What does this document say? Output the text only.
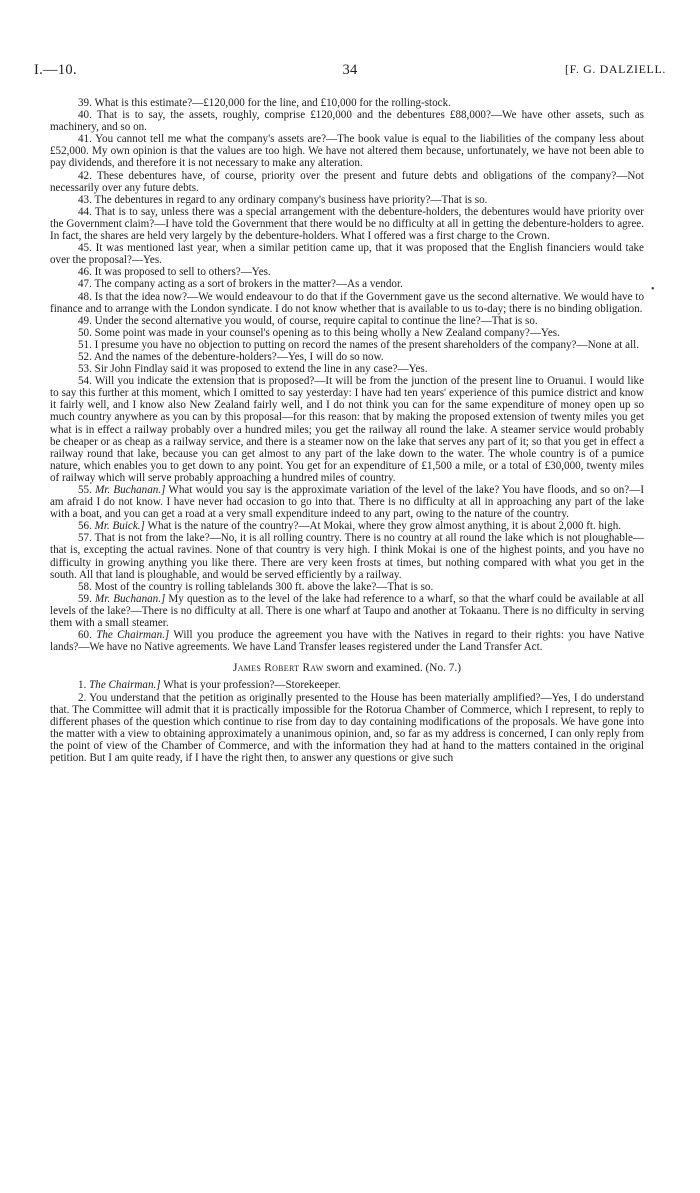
I.—10.	34	[F. G. DALZIELL.

39. What is this estimate?—£120,000 for the line, and £10,000 for the rolling-stock.

40. That is to say, the assets, roughly, comprise £120,000 and the debentures £88,000?—We have other assets, such as machinery, and so on.

41. You cannot tell me what the company's assets are?—The book value is equal to the liabilities of the company less about £52,000. My own opinion is that the values are too high. We have not altered them because, unfortunately, we have not been able to pay dividends, and therefore it is not necessary to make any alteration.

42. These debentures have, of course, priority over the present and future debts and obligations of the company?—Not necessarily over any future debts.

43. The debentures in regard to any ordinary company's business have priority?—That is so.

44. That is to say, unless there was a special arrangement with the debenture-holders, the debentures would have priority over the Government claim?—I have told the Government that there would be no difficulty at all in getting the debenture-holders to agree. In fact, the shares are held very largely by the debenture-holders. What I offered was a first charge to the Crown.

45. It was mentioned last year, when a similar petition came up, that it was proposed that the English financiers would take over the proposal?—Yes.

46. It was proposed to sell to others?—Yes.

47. The company acting as a sort of brokers in the matter?—As a vendor.

48. Is that the idea now?—We would endeavour to do that if the Government gave us the second alternative. We would have to finance and to arrange with the London syndicate. I do not know whether that is available to us to-day; there is no binding obligation.

49. Under the second alternative you would, of course, require capital to continue the line?—That is so.

50. Some point was made in your counsel's opening as to this being wholly a New Zealand company?—Yes.

51. I presume you have no objection to putting on record the names of the present shareholders of the company?—None at all.

52. And the names of the debenture-holders?—Yes, I will do so now.

53. Sir John Findlay said it was proposed to extend the line in any case?—Yes.

54. Will you indicate the extension that is proposed?—It will be from the junction of the present line to Oruanui. I would like to say this further at this moment, which I omitted to say yesterday: I have had ten years' experience of this pumice district and know it fairly well, and I know also New Zealand fairly well, and I do not think you can for the same expenditure of money open up so much country anywhere as you can by this proposal—for this reason: that by making the proposed extension of twenty miles you get what is in effect a railway probably over a hundred miles; you get the railway all round the lake. A steamer service would probably be cheaper or as cheap as a railway service, and there is a steamer now on the lake that serves any part of it; so that you get in effect a railway round that lake, because you can get almost to any part of the lake down to the water. The whole country is of a pumice nature, which enables you to get down to any point. You get for an expenditure of £1,500 a mile, or a total of £30,000, twenty miles of railway which will serve probably approaching a hundred miles of country.

55. Mr. Buchanan.] What would you say is the approximate variation of the level of the lake? You have floods, and so on?—I am afraid I do not know. I have never had occasion to go into that. There is no difficulty at all in approaching any part of the lake with a boat, and you can get a road at a very small expenditure indeed to any part, owing to the nature of the country.

56. Mr. Buick.] What is the nature of the country?—At Mokai, where they grow almost anything, it is about 2,000 ft. high.

57. That is not from the lake?—No, it is all rolling country. There is no country at all round the lake which is not ploughable—that is, excepting the actual ravines. None of that country is very high. I think Mokai is one of the highest points, and you have no difficulty in growing anything you like there. There are very keen frosts at times, but nothing compared with what you get in the south. All that land is ploughable, and would be served efficiently by a railway.

58. Most of the country is rolling tablelands 300 ft. above the lake?—That is so.

59. Mr. Buchanan.] My question as to the level of the lake had reference to a wharf, so that the wharf could be available at all levels of the lake?—There is no difficulty at all. There is one wharf at Taupo and another at Tokaanu. There is no difficulty in serving them with a small steamer.

60. The Chairman.] Will you produce the agreement you have with the Natives in regard to their rights: you have Native lands?—We have no Native agreements. We have Land Transfer leases registered under the Land Transfer Act.

James Robert Raw sworn and examined. (No. 7.)

1. The Chairman.] What is your profession?—Storekeeper.

2. You understand that the petition as originally presented to the House has been materially amplified?—Yes, I do understand that. The Committee will admit that it is practically impossible for the Rotorua Chamber of Commerce, which I represent, to reply to different phases of the question which continue to rise from day to day containing modifications of the proposals. We have gone into the matter with a view to obtaining approximately a unanimous opinion, and, so far as my address is concerned, I can only reply from the point of view of the Chamber of Commerce, and with the information they had at hand to the matters contained in the original petition. But I am quite ready, if I have the right then, to answer any questions or give such

•
